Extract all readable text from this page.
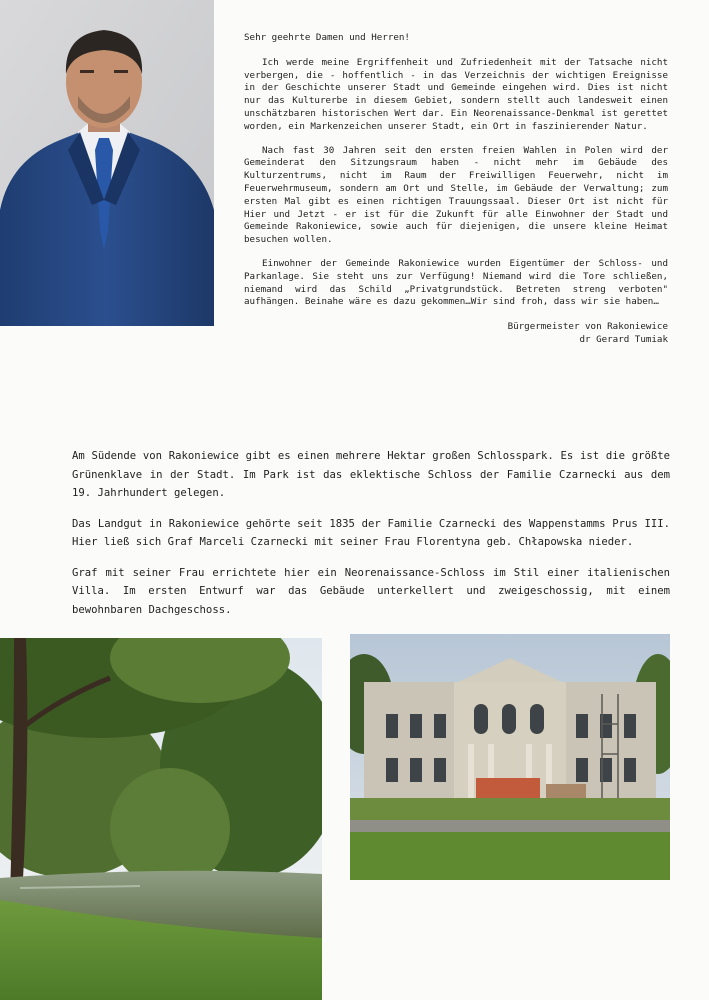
Sehr geehrte Damen und Herren!

Ich werde meine Ergriffenheit und Zufriedenheit mit der Tatsache nicht verbergen, die - hoffentlich - in das Verzeichnis der wichtigen Ereignisse in der Geschichte unserer Stadt und Gemeinde eingehen wird. Dies ist nicht nur das Kulturerbe in diesem Gebiet, sondern stellt auch landesweit einen unschätzbaren historischen Wert dar. Ein Neorenaissance-Denkmal ist gerettet worden, ein Markenzeichen unserer Stadt, ein Ort in faszinierender Natur.

Nach fast 30 Jahren seit den ersten freien Wahlen in Polen wird der Gemeinderat den Sitzungsraum haben - nicht mehr im Gebäude des Kulturzentrums, nicht im Raum der Freiwilligen Feuerwehr, nicht im Feuerwehrmuseum, sondern am Ort und Stelle, im Gebäude der Verwaltung; zum ersten Mal gibt es einen richtigen Trauungssaal. Dieser Ort ist nicht für Hier und Jetzt - er ist für die Zukunft für alle Einwohner der Stadt und Gemeinde Rakoniewice, sowie auch für diejenigen, die unsere kleine Heimat besuchen wollen.

Einwohner der Gemeinde Rakoniewice wurden Eigentümer der Schloss- und Parkanlage. Sie steht uns zur Verfügung! Niemand wird die Tore schließen, niemand wird das Schild „Privatgrundstück. Betreten streng verboten" aufhängen. Beinahe wäre es dazu gekommen…Wir sind froh, dass wir sie haben…

Bürgermeister von Rakoniewice
dr Gerard Tumiak

Am Südende von Rakoniewice gibt es einen mehrere Hektar großen Schlosspark. Es ist die größte Grünenklave in der Stadt. Im Park ist das eklektische Schloss der Familie Czarnecki aus dem 19. Jahrhundert gelegen.

Das Landgut in Rakoniewice gehörte seit 1835 der Familie Czarnecki des Wappenstamms Prus III. Hier ließ sich Graf Marceli Czarnecki mit seiner Frau Florentyna geb. Chłapowska nieder.

Graf mit seiner Frau errichtete hier ein Neorenaissance-Schloss im Stil einer italienischen Villa. Im ersten Entwurf war das Gebäude unterkellert und zweigeschossig, mit einem bewohnbaren Dachgeschoss.
